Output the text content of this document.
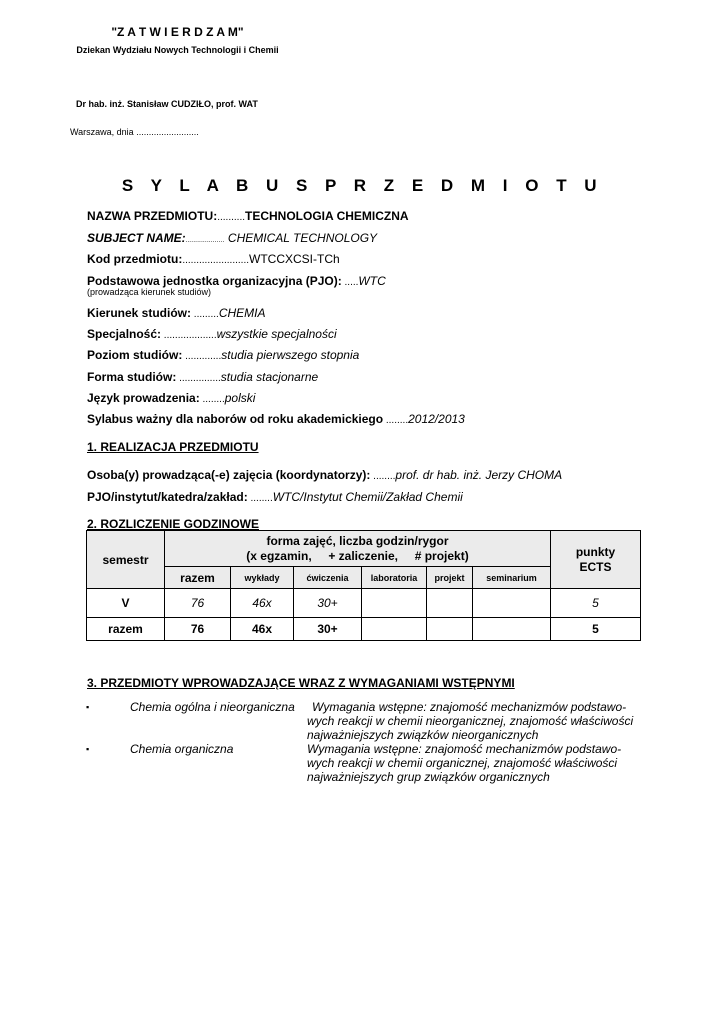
"Z A T W I E R D Z A M"
Dziekan Wydziału Nowych Technologii i Chemii
Dr hab. inż. Stanisław CUDZIŁO, prof. WAT
Warszawa, dnia .........................
S Y L A B U S P R Z E D M I O T U
NAZWA PRZEDMIOTU:..........TECHNOLOGIA CHEMICZNA
SUBJECT NAME:.................... CHEMICAL TECHNOLOGY
Kod przedmiotu:........................WTCCXCSI-TCh
Podstawowa jednostka organizacyjna (PJO): .....WTC
(prowadząca kierunek studiów)
Kierunek studiów: .........CHEMIA
Specjalność: ...................wszystkie specjalności
Poziom studiów: .............studia pierwszego stopnia
Forma studiów: ...............studia stacjonarne
Język prowadzenia: ........polski
Sylabus ważny dla naborów od roku akademickiego ........2012/2013
1. REALIZACJA PRZEDMIOTU
Osoba(y) prowadząca(-e) zajęcia (koordynatorzy): ........prof. dr hab. inż. Jerzy CHOMA
PJO/instytut/katedra/zakład: ........WTC/Instytut Chemii/Zakład Chemii
2. ROZLICZENIE GODZINOWE
semestr	forma zajęć, liczba godzin/rygor
(x egzamin,     + zaliczenie,     # projekt)						punkty ECTS
	razem	wykłady	ćwiczenia	laboratoria	projekt	seminarium	
V	76	46x	30+				5
razem	76	46x	30+				5
3. PRZEDMIOTY WPROWADZAJĄCE WRAZ Z WYMAGANIAMI WSTĘPNYMI
▪	Chemia ogólna i nieorganiczna Wymagania wstępne: znajomość mechanizmów podstawo-
wych reakcji w chemii nieorganicznej, znajomość właściwości
najważniejszych związków nieorganicznych
▪	Chemia organiczna	Wymagania wstępne: znajomość mechanizmów podstawo-
wych reakcji w chemii organicznej, znajomość właściwości
najważniejszych grup związków organicznych
